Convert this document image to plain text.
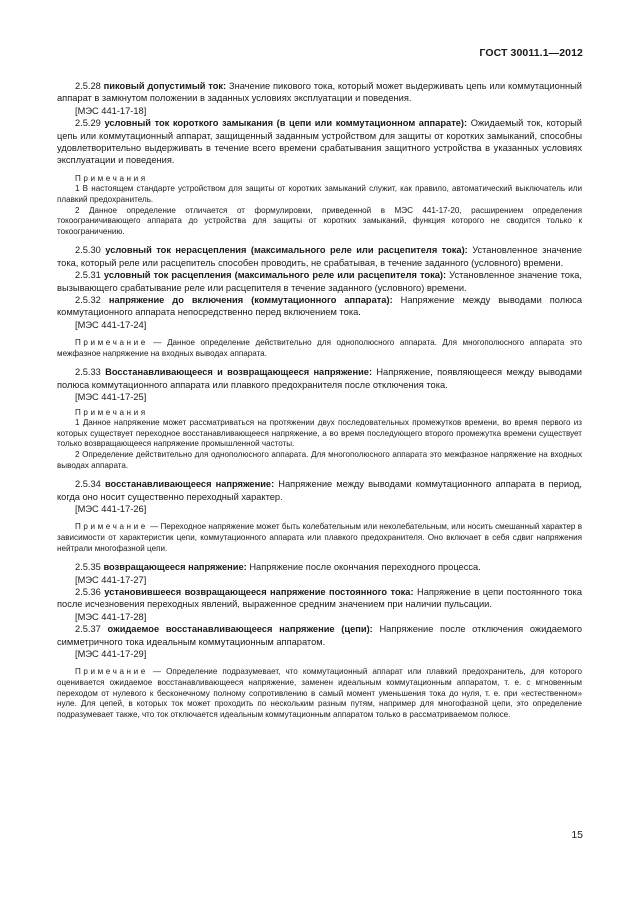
ГОСТ 30011.1—2012

2.5.28 пиковый допустимый ток: Значение пикового тока, который может выдерживать цепь или коммутационный аппарат в замкнутом положении в заданных условиях эксплуатации и поведения.

[МЭС 441-17-18]

2.5.29 условный ток короткого замыкания (в цепи или коммутационном аппарате): Ожидаемый ток, который цепь или коммутационный аппарат, защищенный заданным устройством для защиты от коротких замыканий, способны удовлетворительно выдерживать в течение всего времени срабатывания защитного устройства в указанных условиях эксплуатации и поведения.

Примечания

1 В настоящем стандарте устройством для защиты от коротких замыканий служит, как правило, автоматический выключатель или плавкий предохранитель.

2 Данное определение отличается от формулировки, приведенной в МЭС 441-17-20, расширением определения токоограничивающего аппарата до устройства для защиты от коротких замыканий, функция которого не сводится только к токоограничению.

2.5.30 условный ток нерасцепления (максимального реле или расцепителя тока): Установленное значение тока, который реле или расцепитель способен проводить, не срабатывая, в течение заданного (условного) времени.

2.5.31 условный ток расцепления (максимального реле или расцепителя тока): Установленное значение тока, вызывающего срабатывание реле или расцепителя в течение заданного (условного) времени.

2.5.32 напряжение до включения (коммутационного аппарата): Напряжение между выводами полюса коммутационного аппарата непосредственно перед включением тока.

[МЭС 441-17-24]

Примечание — Данное определение действительно для однополюсного аппарата. Для многополюсного аппарата это межфазное напряжение на входных выводах аппарата.

2.5.33 Восстанавливающееся и возвращающееся напряжение: Напряжение, появляющееся между выводами полюса коммутационного аппарата или плавкого предохранителя после отключения тока.

[МЭС 441-17-25]

Примечания

1 Данное напряжение может рассматриваться на протяжении двух последовательных промежутков времени, во время первого из которых существует переходное восстанавливающееся напряжение, а во время последующего второго промежутка времени существует только возвращающееся напряжение промышленной частоты.

2 Определение действительно для однополюсного аппарата. Для многополюсного аппарата это межфазное напряжение на входных выводах аппарата.

2.5.34 восстанавливающееся напряжение: Напряжение между выводами коммутационного аппарата в период, когда оно носит существенно переходный характер.

[МЭС 441-17-26]

Примечание — Переходное напряжение может быть колебательным или неколебательным, или носить смешанный характер в зависимости от характеристик цепи, коммутационного аппарата или плавкого предохранителя. Оно включает в себя сдвиг напряжения нейтрали многофазной цепи.

2.5.35 возвращающееся напряжение: Напряжение после окончания переходного процесса.

[МЭС 441-17-27]

2.5.36 установившееся возвращающееся напряжение постоянного тока: Напряжение в цепи постоянного тока после исчезновения переходных явлений, выраженное средним значением при наличии пульсации.

[МЭС 441-17-28]

2.5.37 ожидаемое восстанавливающееся напряжение (цепи): Напряжение после отключения ожидаемого симметричного тока идеальным коммутационным аппаратом.

[МЭС 441-17-29]

Примечание — Определение подразумевает, что коммутационный аппарат или плавкий предохранитель, для которого оценивается ожидаемое восстанавливающееся напряжение, заменен идеальным коммутационным аппаратом, т. е. с мгновенным переходом от нулевого к бесконечному полному сопротивлению в самый момент уменьшения тока до нуля, т. е. при «естественном» нуле. Для цепей, в которых ток может проходить по нескольким разным путям, например для многофазной цепи, это определение подразумевает также, что ток отключается идеальным коммутационным аппаратом только в рассматриваемом полюсе.

15
